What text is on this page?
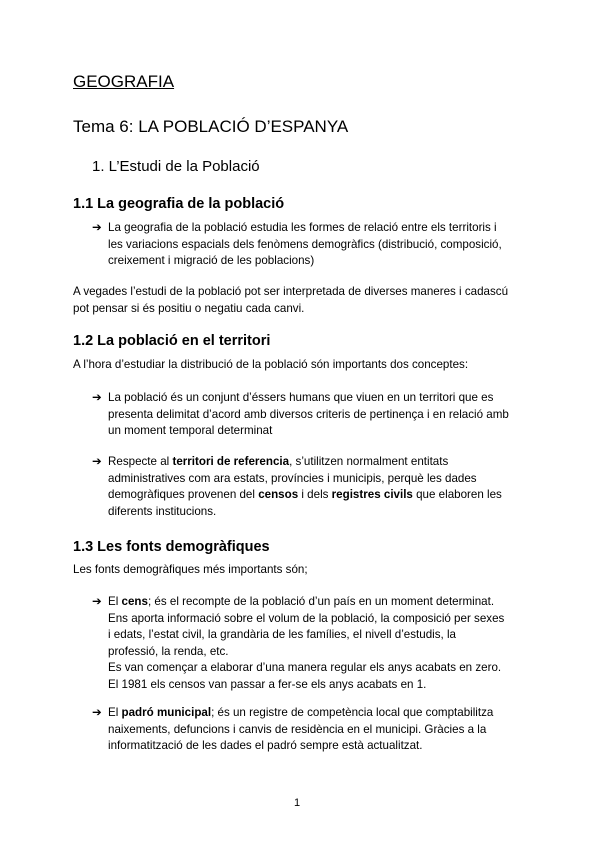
GEOGRAFIA
Tema 6: LA POBLACIÓ D’ESPANYA
1. L’Estudi de la Població
1.1 La geografia de la població
➔ La geografia de la població estudia les formes de relació entre els territoris i
les variacions espacials dels fenòmens demogràfics (distribució, composició,
creixement i migració de les poblacions)
A vegades l’estudi de la població pot ser interpretada de diverses maneres i cadascú
pot pensar si és positiu o negatiu cada canvi.
1.2 La població en el territori
A l’hora d’estudiar la distribució de la població són importants dos conceptes:
➔ La població és un conjunt d’éssers humans que viuen en un territori que es
presenta delimitat d’acord amb diversos criteris de pertinença i en relació amb
un moment temporal determinat
➔ Respecte al territori de referencia, s’utilitzen normalment entitats
administratives com ara estats, províncies i municipis, perquè les dades
demogràfiques provenen del censos i dels registres civils que elaboren les
diferents institucions.
1.3 Les fonts demogràfiques
Les fonts demogràfiques més importants són;
➔ El cens; és el recompte de la població d’un país en un moment determinat.
Ens aporta informació sobre el volum de la població, la composició per sexes
i edats, l’estat civil, la grandària de les famílies, el nivell d’estudis, la
professió, la renda, etc.
Es van començar a elaborar d’una manera regular els anys acabats en zero.
El 1981 els censos van passar a fer-se els anys acabats en 1.
➔ El padró municipal; és un registre de competència local que comptabilitza
naixements, defuncions i canvis de residència en el municipi. Gràcies a la
informatització de les dades el padró sempre està actualitzat.
1
